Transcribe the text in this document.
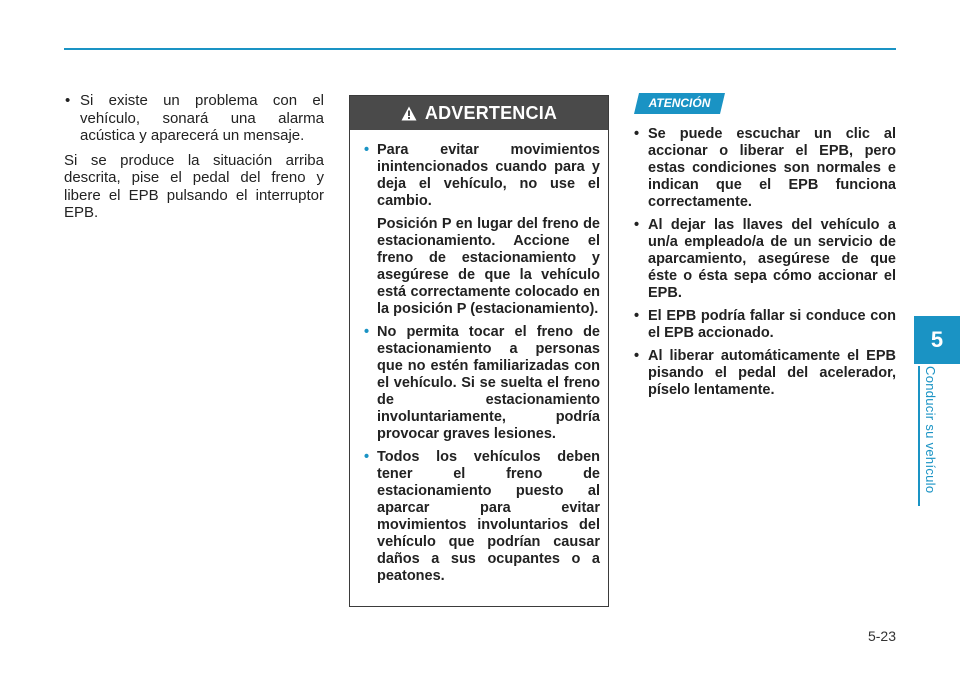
• Si existe un problema con el vehículo, sonará una alarma acústica y aparecerá un mensaje.

Si se produce la situación arriba descrita, pise el pedal del freno y libere el EPB pulsando el interruptor EPB.

ADVERTENCIA
• Para evitar movimientos inintencionados cuando para y deja el vehículo, no use el cambio.

Posición P en lugar del freno de estacionamiento. Accione el freno de estacionamiento y asegúrese de que la vehículo está correctamente colocado en la posición P (estacionamiento).

• No permita tocar el freno de estacionamiento a personas que no estén familiarizadas con el vehículo. Si se suelta el freno de estacionamiento involuntariamente, podría provocar graves lesiones.
• Todos los vehículos deben tener el freno de estacionamiento puesto al aparcar para evitar movimientos involuntarios del vehículo que podrían causar daños a sus ocupantes o a peatones.
ATENCIÓN
• Se puede escuchar un clic al accionar o liberar el EPB, pero estas condiciones son normales e indican que el EPB funciona correctamente.
• Al dejar las llaves del vehículo a un/a empleado/a de un servicio de aparcamiento, asegúrese de que éste o ésta sepa cómo accionar el EPB.
• El EPB podría fallar si conduce con el EPB accionado.
• Al liberar automáticamente el EPB pisando el pedal del acelerador, píselo lentamente.
5
Conducir su vehículo
5-23
